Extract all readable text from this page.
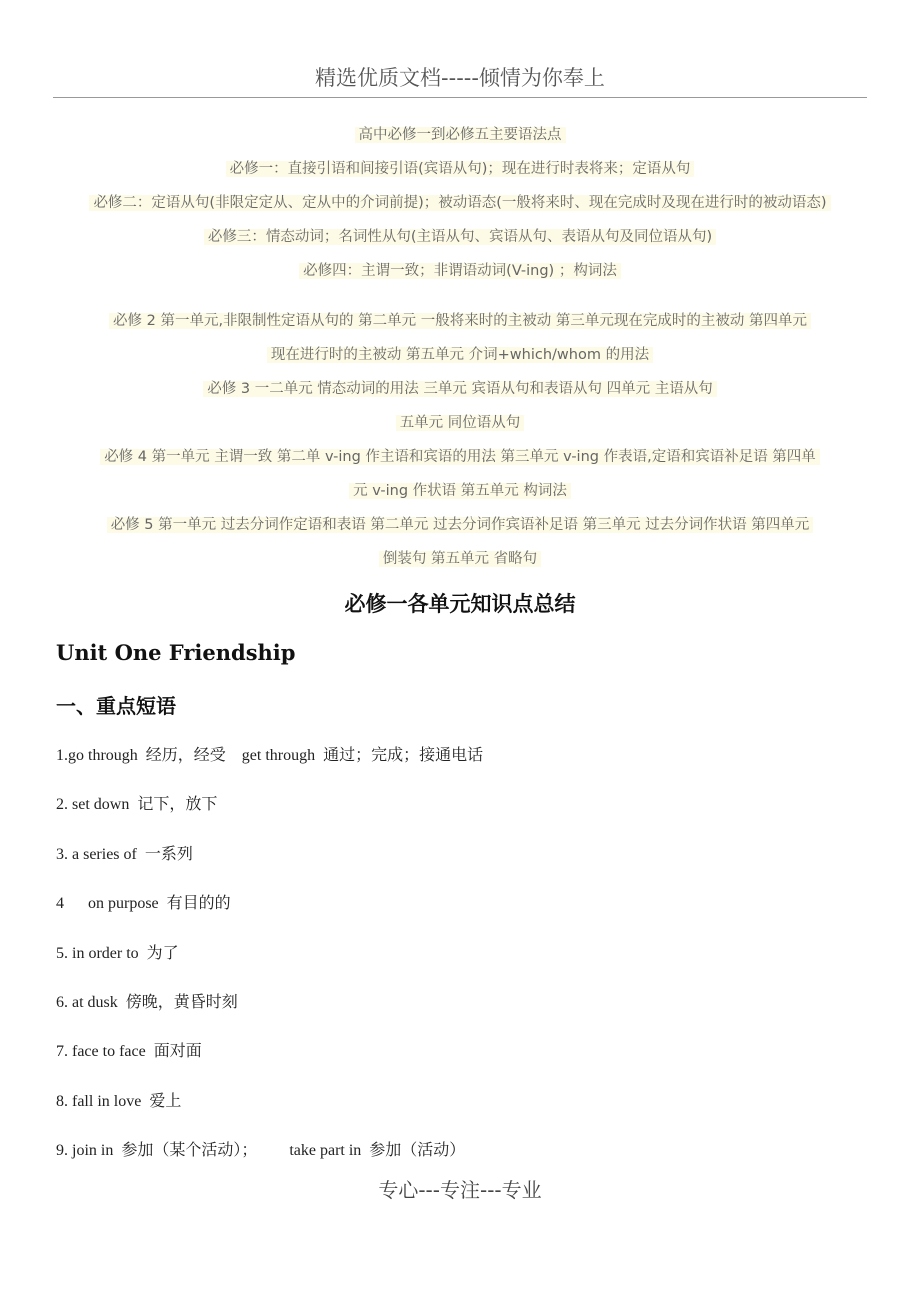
精选优质文档-----倾情为你奉上
高中必修一到必修五主要语法点
必修一：直接引语和间接引语(宾语从句)；现在进行时表将来；定语从句
必修二：定语从句(非限定定从、定从中的介词前提)；被动语态(一般将来时、现在完成时及现在进行时的被动语态)
必修三：情态动词；名词性从句(主语从句、宾语从句、表语从句及同位语从句)
必修四：主谓一致；非谓语动词(V-ing) ；构词法
必修 2 第一单元,非限制性定语从句的 第二单元 一般将来时的主被动 第三单元现在完成时的主被动 第四单元
现在进行时的主被动 第五单元 介词+which/whom 的用法
必修 3 一二单元 情态动词的用法 三单元 宾语从句和表语从句 四单元 主语从句
五单元 同位语从句
必修 4 第一单元 主谓一致 第二单 v-ing 作主语和宾语的用法 第三单元 v-ing 作表语,定语和宾语补足语 第四单
元 v-ing 作状语 第五单元 构词法
必修 5 第一单元 过去分词作定语和表语 第二单元 过去分词作宾语补足语 第三单元 过去分词作状语 第四单元
倒装句 第五单元 省略句
必修一各单元知识点总结
Unit One Friendship
一、重点短语
1.go through  经历，经受    get through  通过；完成；接通电话
2. set down  记下，放下
3. a series of  一系列
4      on purpose  有目的的
5. in order to  为了
6. at dusk  傍晚，黄昏时刻
7. face to face  面对面
8. fall in love  爱上
9. join in  参加（某个活动）；        take part in  参加（活动）
专心---专注---专业
